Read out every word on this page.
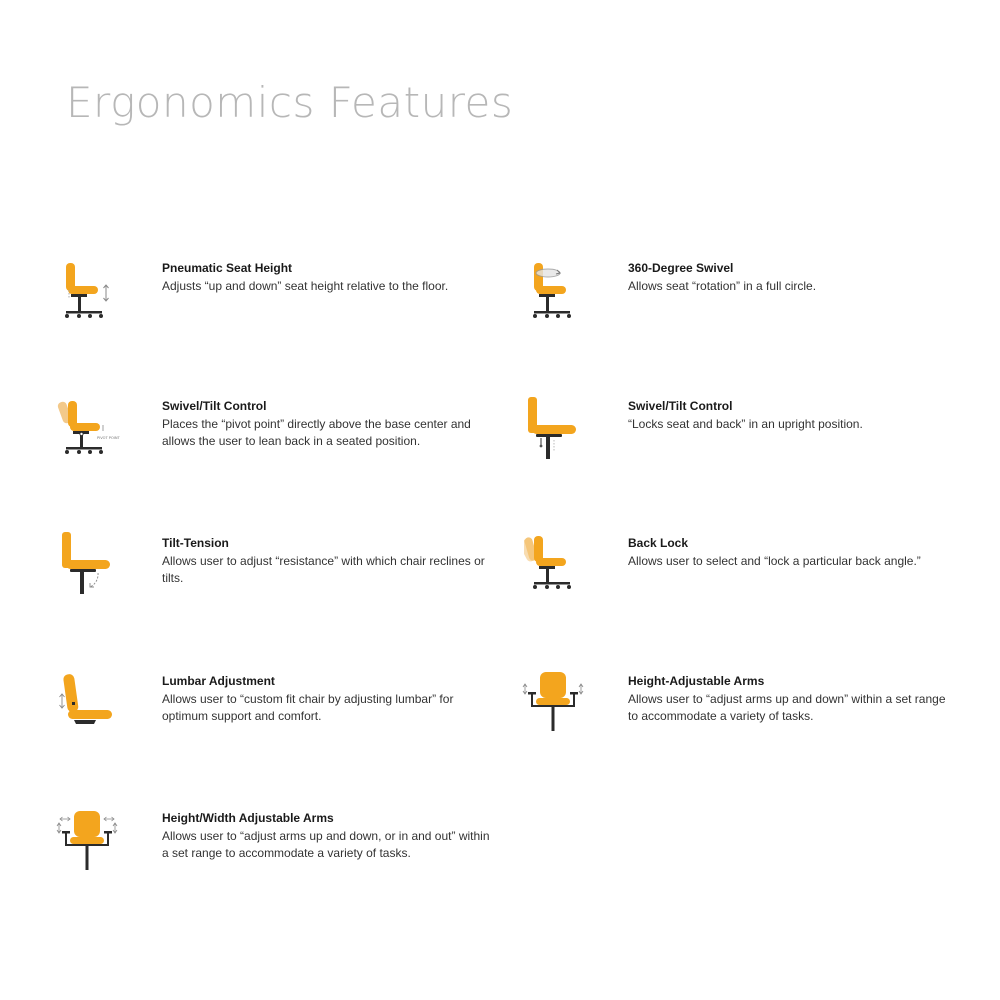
Ergonomics Features
Pneumatic Seat Height

Adjusts “up and down” seat height relative to the floor.

360-Degree Swivel

Allows seat “rotation” in a full circle.

PIVOT POINT
Swivel/Tilt Control

Places the “pivot point” directly above the base center and allows the user to lean back in a seated position.

Swivel/Tilt Control

“Locks seat and back” in an upright position.

Tilt-Tension

Allows user to adjust “resistance” with which chair reclines or tilts.

Back Lock

Allows user to select and “lock a particular back angle.”

Lumbar Adjustment

Allows user to “custom fit chair by adjusting lumbar” for optimum support and comfort.

Height-Adjustable Arms

Allows user to “adjust arms up and down” within a set range to accommodate a variety of tasks.

Height/Width Adjustable Arms

Allows user to “adjust arms up and down, or in and out” within a set range to accommodate a variety of tasks.
